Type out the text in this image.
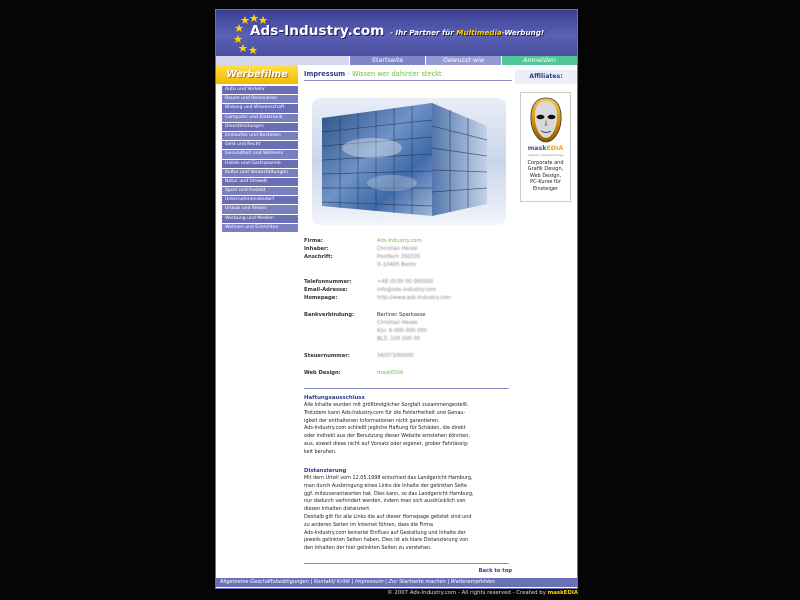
Ads-Industry.com - Ihr Partner für Multimedia-Werbung!
Startseite	Gewusst wie	Anmelden
Werbefilme
Auto und Verkehr
Bauen und Renovieren
Bildung und Wissenschaft
Computer und Elektronik
Dienstleistungen
Einkaufen und Bestellen
Geld und Recht
Gesundheit und Wellness
Hotels und Gastronomie
Kultur und Veranstaltungen
Natur und Umwelt
Sport und Freizeit
Unternehmensbedarf
Urlaub und Reisen
Werbung und Medien
Wohnen und Einrichten
Impressum - Wissen wer dahinter steckt
Firma:	Ads-Industry.com
Inhaber:	Christian Heske
Anschrift:	Postfach 350335
D-10405 Berlin
Telefonnummer:	+49 (0)30 00 000000
Email-Adresse:	info@ads-industry.com
Homepage:	http://www.ads-industry.com
Bankverbindung:	Berliner Sparkasse
Christian Heske
Kto: 6 000 000 000
BLZ: 100 500 00
Steuernummer:	34/073/00000
Web Design:	maskEDIA
Haftungsausschluss
Alle Inhalte wurden mit größtmöglicher Sorgfalt zusammengestellt.
Trotzdem kann Ads-Industry.com für die Fehlerfreiheit und Genau-
igkeit der enthaltenen Informationen nicht garantieren.
Ads-Industry.com schließt jegliche Haftung für Schäden, die direkt
oder indirekt aus der Benutzung dieser Website entstehen könnten,
aus, soweit diese nicht auf Vorsatz oder eigener, grober Fahrlässig-
keit beruhen.
Distanzierung
Mit dem Urteil vom 12.05.1998 entschied das Landgericht Hamburg,
man durch Ausbringung eines Links die Inhalte der gelinkten Seite
ggf. mitzuverantworten hat. Dies kann, so das Landgericht Hamburg,
nur dadurch verhindert werden, indem man sich ausdrücklich von
diesen Inhalten distanziert.
Deshalb gilt für alle Links die auf dieser Homepage gelistet sind und
zu anderen Seiten im Internet führen, dass die Firma
Ads-Industry.com keinerlei Einfluss auf Gestaltung und Inhalte der
jeweils gelinkten Seiten haben. Dies ist als klare Distanzierung von
den Inhalten der hier gelinkten Seiten zu verstehen.
Back to top
Affiliates:
maskEDIA
creativity meets technology
Corporate and
Grafik Design,
Web Design,
PC-Kurse für
Einsteiger
Allgemeine Geschäftsbedingungen | Kontakt/ Kritik | Impressum | Zur Startseite machen | Weiterempfehlen
© 2007 Ads-Industry.com - All rights reserved - Created by maskEDIA
